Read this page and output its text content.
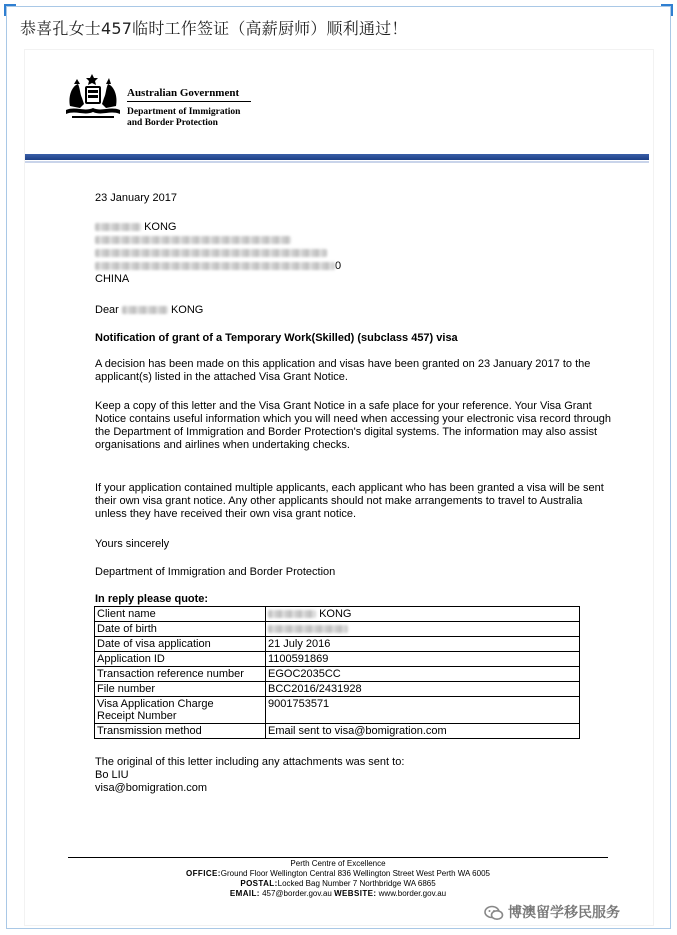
恭喜孔女士457临时工作签证（高薪厨师）顺利通过！
Australian Government
Department of Immigration
and Border Protection
23 January 2017
KONG
0
CHINA
Dear	KONG
Notification of grant of a Temporary Work(Skilled) (subclass 457) visa
A decision has been made on this application and visas have been granted on 23 January 2017 to the applicant(s) listed in the attached Visa Grant Notice.
Keep a copy of this letter and the Visa Grant Notice in a safe place for your reference. Your Visa Grant Notice contains useful information which you will need when accessing your electronic visa record through the Department of Immigration and Border Protection's digital systems. The information may also assist organisations and airlines when undertaking checks.
If your application contained multiple applicants, each applicant who has been granted a visa will be sent their own visa grant notice. Any other applicants should not make arrangements to travel to Australia unless they have received their own visa grant notice.
Yours sincerely
Department of Immigration and Border Protection
In reply please quote:
Client name	KONG
Date of birth	
Date of visa application	21 July 2016
Application ID	1100591869
Transaction reference number	EGOC2035CC
File number	BCC2016/2431928

Visa Application Charge
Receipt Number	9001753571
Transmission method	Email sent to visa@bomigration.com
The original of this letter including any attachments was sent to:
Bo LIU
visa@bomigration.com
Perth Centre of Excellence
OFFICE:Ground Floor Wellington Central 836 Wellington Street West Perth WA 6005
POSTAL:Locked Bag Number 7 Northbridge WA 6865
EMAIL: 457@border.gov.au WEBSITE: www.border.gov.au
博澳留学移民服务
